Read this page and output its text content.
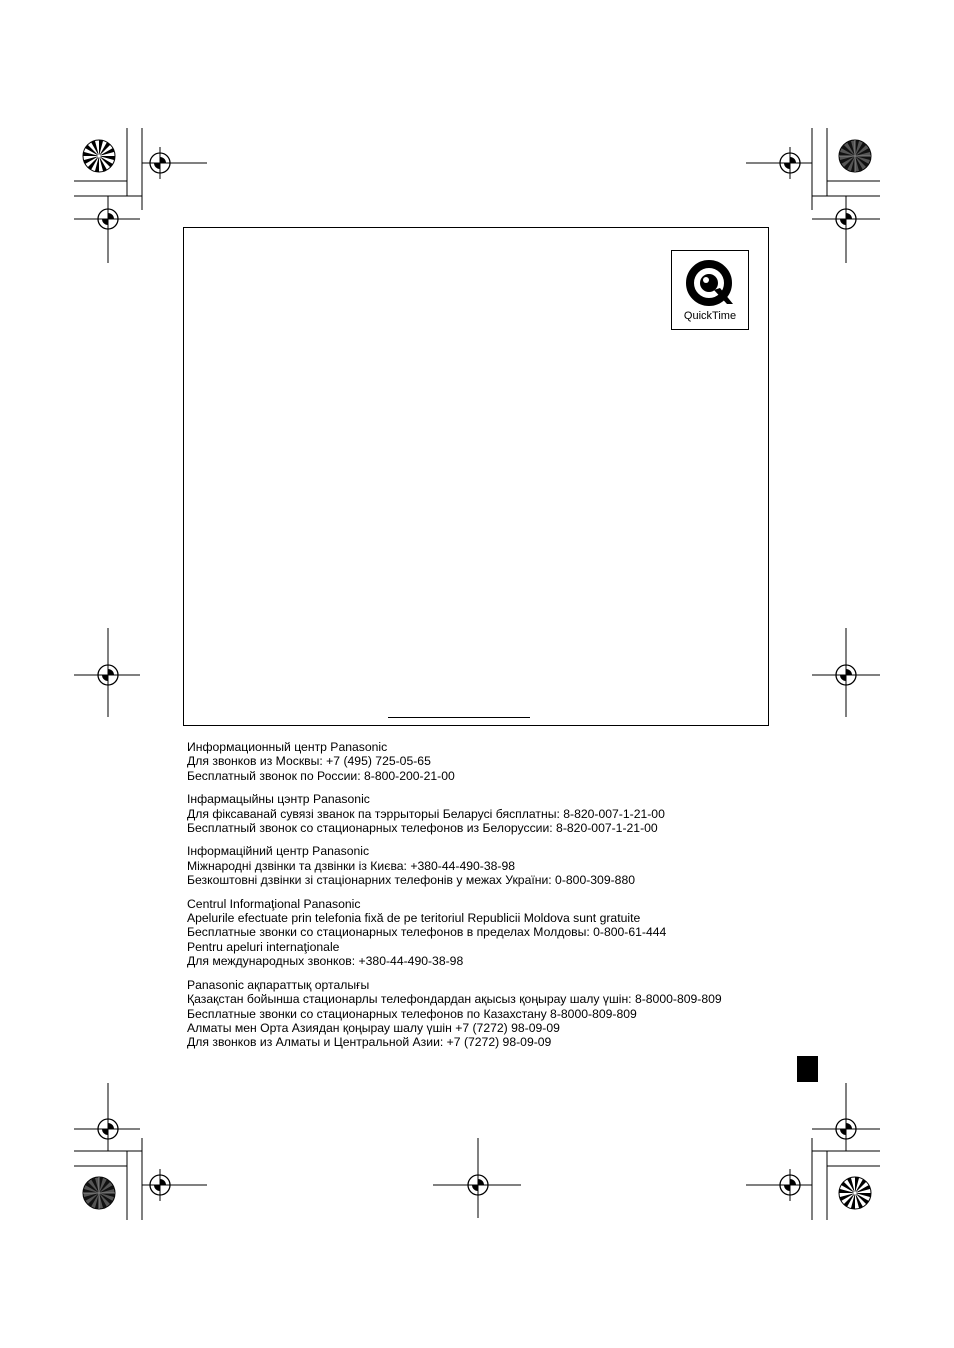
QuickTime
Информационный центр Panasonic
Для звонков из Москвы: +7 (495) 725-05-65
Бесплатный звонок по России: 8-800-200-21-00
Інфармацыйны цэнтр Panasonic
Для фіксаванай сувязі званок па тэррыторыі Беларусі бясплатны: 8-820-007-1-21-00
Бесплатный звонок со стационарных телефонов из Белоруссии: 8-820-007-1-21-00
Інформаційний центр Panasonic
Міжнародні дзвінки та дзвінки із Києва: +380-44-490-38-98
Безкоштовні дзвінки зі стаціонарних телефонів у межах України: 0-800-309-880
Centrul Informaţional Panasonic
Apelurile efectuate prin telefonia fixă de pe teritoriul Republicii Moldova sunt gratuite
Бесплатные звонки со стационарных телефонов в пределах Молдовы: 0-800-61-444
Pentru apeluri internaţionale
Для международных звонков: +380-44-490-38-98
Panasonic ақпараттық орталығы
Қазақстан бойынша стационарлы телефондардан ақысыз қоңырау шалу үшін: 8-8000-809-809
Бесплатные звонки со стационарных телефонов по Казахстану 8-8000-809-809
Алматы мен Орта Азиядан қоңырау шалу үшін +7 (7272) 98-09-09
Для звонков из Алматы и Центральной Азии: +7 (7272) 98-09-09
